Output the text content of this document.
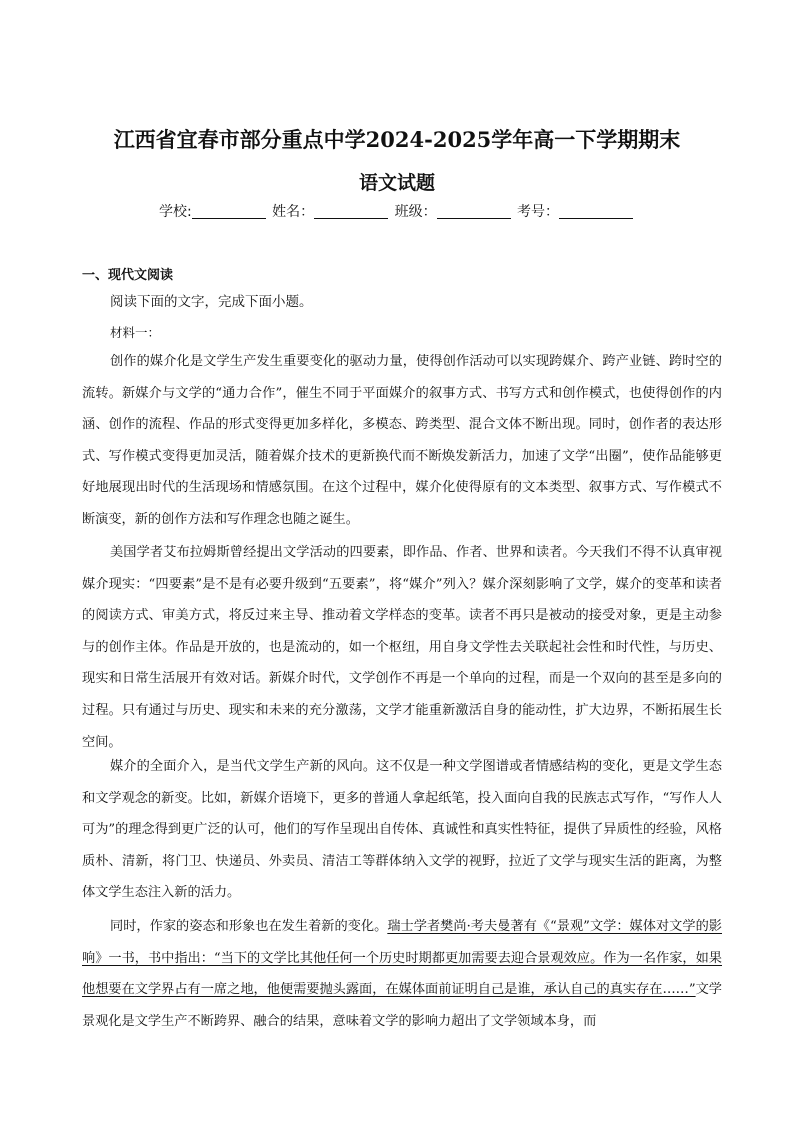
江西省宜春市部分重点中学2024-2025学年高一下学期期末
语文试题
学校:	姓名：	班级：	考号：
一、现代文阅读
阅读下面的文字，完成下面小题。
材料一：

创作的媒介化是文学生产发生重要变化的驱动力量，使得创作活动可以实现跨媒介、跨产业链、跨时空的流转。新媒介与文学的“通力合作”，催生不同于平面媒介的叙事方式、书写方式和创作模式，也使得创作的内涵、创作的流程、作品的形式变得更加多样化，多模态、跨类型、混合文体不断出现。同时，创作者的表达形式、写作模式变得更加灵活，随着媒介技术的更新换代而不断焕发新活力，加速了文学“出圈”，使作品能够更好地展现出时代的生活现场和情感氛围。在这个过程中，媒介化使得原有的文本类型、叙事方式、写作模式不断演变，新的创作方法和写作理念也随之诞生。

美国学者艾布拉姆斯曾经提出文学活动的四要素，即作品、作者、世界和读者。今天我们不得不认真审视媒介现实：“四要素”是不是有必要升级到“五要素”，将“媒介”列入？媒介深刻影响了文学，媒介的变革和读者的阅读方式、审美方式，将反过来主导、推动着文学样态的变革。读者不再只是被动的接受对象，更是主动参与的创作主体。作品是开放的，也是流动的，如一个枢纽，用自身文学性去关联起社会性和时代性，与历史、现实和日常生活展开有效对话。新媒介时代，文学创作不再是一个单向的过程，而是一个双向的甚至是多向的过程。只有通过与历史、现实和未来的充分激荡，文学才能重新激活自身的能动性，扩大边界，不断拓展生长空间。

媒介的全面介入，是当代文学生产新的风向。这不仅是一种文学图谱或者情感结构的变化，更是文学生态和文学观念的新变。比如，新媒介语境下，更多的普通人拿起纸笔，投入面向自我的民族志式写作，“写作人人可为”的理念得到更广泛的认可，他们的写作呈现出自传体、真诚性和真实性特征，提供了异质性的经验，风格质朴、清新，将门卫、快递员、外卖员、清洁工等群体纳入文学的视野，拉近了文学与现实生活的距离，为整体文学生态注入新的活力。

同时，作家的姿态和形象也在发生着新的变化。瑞士学者樊尚·考夫曼著有《“景观”文学：媒体对文学的影响》一书，书中指出：“当下的文学比其他任何一个历史时期都更加需要去迎合景观效应。作为一名作家，如果他想要在文学界占有一席之地，他便需要抛头露面，在媒体面前证明自己是谁，承认自己的真实存在……”文学景观化是文学生产不断跨界、融合的结果，意味着文学的影响力超出了文学领域本身，而
